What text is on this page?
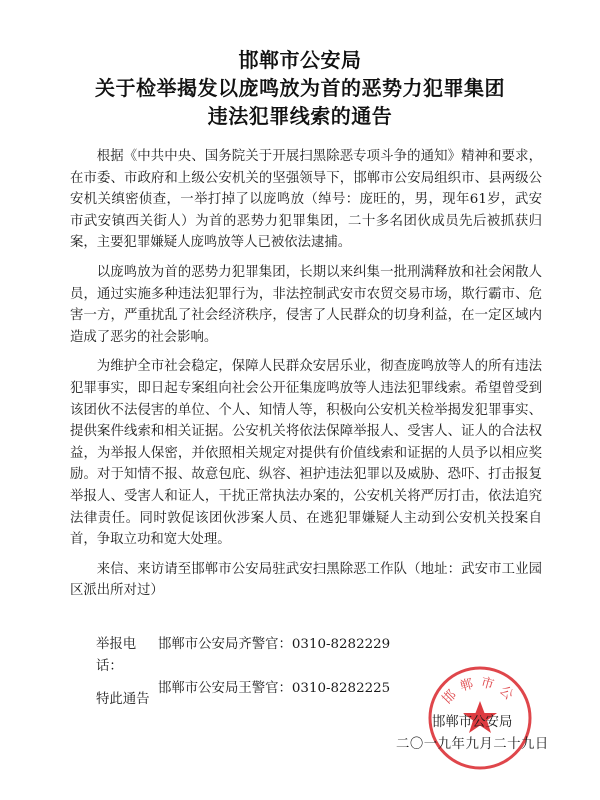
邯郸市公安局
关于检举揭发以庞鸣放为首的恶势力犯罪集团
违法犯罪线索的通告

根据《中共中央、国务院关于开展扫黑除恶专项斗争的通知》精神和要求，在市委、市政府和上级公安机关的坚强领导下，邯郸市公安局组织市、县两级公安机关缜密侦查，一举打掉了以庞鸣放（绰号：庞旺的，男，现年61岁，武安市武安镇西关街人）为首的恶势力犯罪集团，二十多名团伙成员先后被抓获归案，主要犯罪嫌疑人庞鸣放等人已被依法逮捕。

以庞鸣放为首的恶势力犯罪集团，长期以来纠集一批刑满释放和社会闲散人员，通过实施多种违法犯罪行为，非法控制武安市农贸交易市场，欺行霸市、危害一方，严重扰乱了社会经济秩序，侵害了人民群众的切身利益，在一定区域内造成了恶劣的社会影响。

为维护全市社会稳定，保障人民群众安居乐业，彻查庞鸣放等人的所有违法犯罪事实，即日起专案组向社会公开征集庞鸣放等人违法犯罪线索。希望曾受到该团伙不法侵害的单位、个人、知情人等，积极向公安机关检举揭发犯罪事实、提供案件线索和相关证据。公安机关将依法保障举报人、受害人、证人的合法权益，为举报人保密，并依照相关规定对提供有价值线索和证据的人员予以相应奖励。对于知情不报、故意包庇、纵容、袒护违法犯罪以及威胁、恐吓、打击报复举报人、受害人和证人，干扰正常执法办案的，公安机关将严厉打击，依法追究法律责任。同时敦促该团伙涉案人员、在逃犯罪嫌疑人主动到公安机关投案自首，争取立功和宽大处理。

来信、来访请至邯郸市公安局驻武安扫黑除恶工作队（地址：武安市工业园区派出所对过）

举报电话：
邯郸市公安局齐警官：0310-8282229
邯郸市公安局王警官：0310-8282225
特此通告	邯郸市公
邯郸市公安局
二〇一九年九月二十九日
